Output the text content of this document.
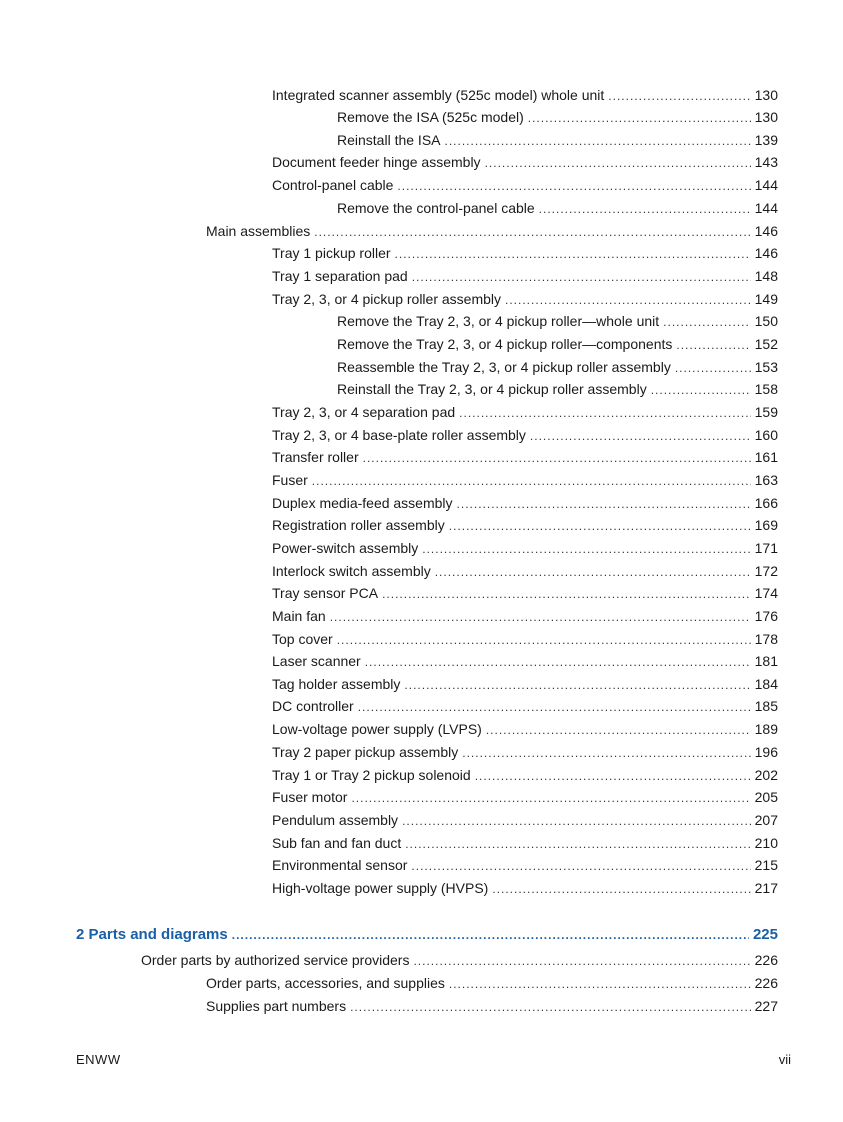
Integrated scanner assembly (525c model) whole unit .....	130
Remove the ISA (525c model) .....	130
Reinstall the ISA .....	139
Document feeder hinge assembly .....	143
Control-panel cable .....	144
Remove the control-panel cable .....	144
Main assemblies .....	146
Tray 1 pickup roller .....	146
Tray 1 separation pad .....	148
Tray 2, 3, or 4 pickup roller assembly .....	149
Remove the Tray 2, 3, or 4 pickup roller—whole unit .....	150
Remove the Tray 2, 3, or 4 pickup roller—components .....	152
Reassemble the Tray 2, 3, or 4 pickup roller assembly .....	153
Reinstall the Tray 2, 3, or 4 pickup roller assembly .....	158
Tray 2, 3, or 4 separation pad .....	159
Tray 2, 3, or 4 base-plate roller assembly .....	160
Transfer roller .....	161
Fuser .....	163
Duplex media-feed assembly .....	166
Registration roller assembly .....	169
Power-switch assembly .....	171
Interlock switch assembly .....	172
Tray sensor PCA .....	174
Main fan .....	176
Top cover .....	178
Laser scanner .....	181
Tag holder assembly .....	184
DC controller .....	185
Low-voltage power supply (LVPS) .....	189
Tray 2 paper pickup assembly .....	196
Tray 1 or Tray 2 pickup solenoid .....	202
Fuser motor .....	205
Pendulum assembly .....	207
Sub fan and fan duct .....	210
Environmental sensor .....	215
High-voltage power supply (HVPS) .....	217
2 Parts and diagrams .....	225
Order parts by authorized service providers .....	226
Order parts, accessories, and supplies .....	226
Supplies part numbers .....	227
ENWW	vii
